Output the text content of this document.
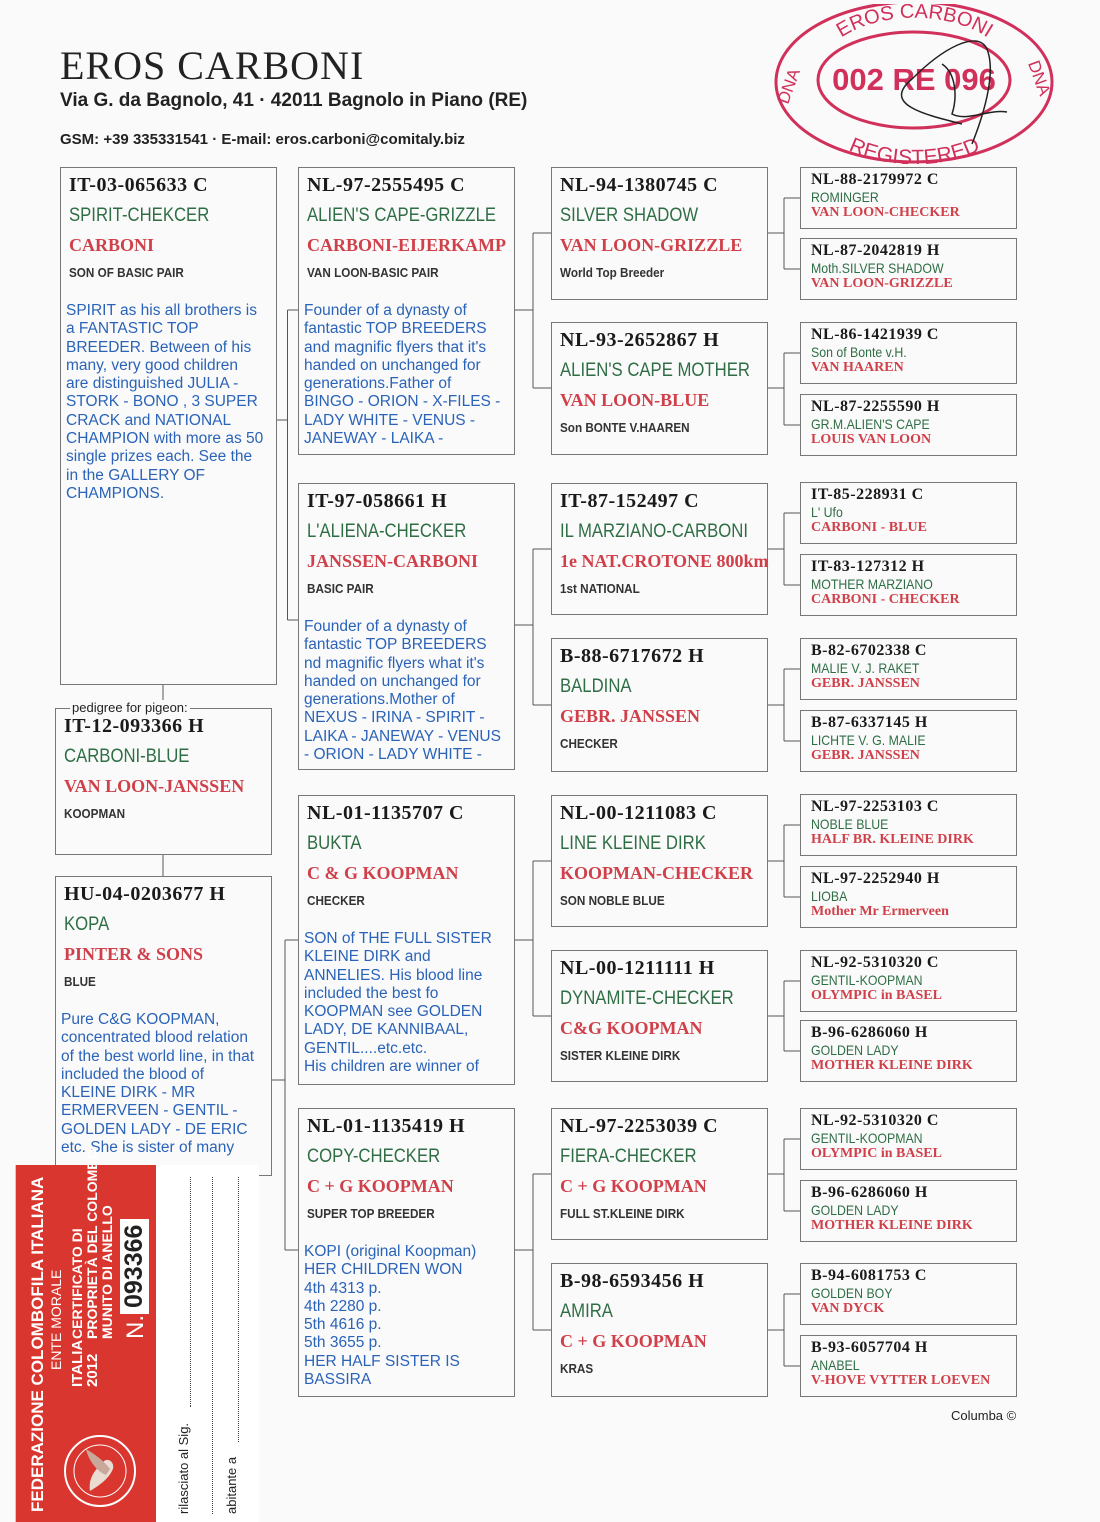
EROS CARBONI
Via G. da Bagnolo, 41 · 42011 Bagnolo in Piano (RE)
GSM: +39 335331541 · E-mail: eros.carboni@comitaly.biz
EROS CARBONI
REGISTERED
002 RE 096
DNA	DNA
IT-12-093366 H
CARBONI-BLUE
VAN LOON-JANSSEN
KOOPMAN
IT-03-065633 C
SPIRIT-CHEKCER
CARBONI
SON OF BASIC PAIR
SPIRIT as his all brothers is
a FANTASTIC TOP
BREEDER. Between of his
many, very good children
are distinguished JULIA -
STORK - BONO , 3 SUPER
CRACK and NATIONAL
CHAMPION with more as 50
single prizes each. See the
in the GALLERY OF
CHAMPIONS.
HU-04-0203677 H
KOPA
PINTER & SONS
BLUE
Pure C&G KOOPMAN,
concentrated blood relation
of the best world line, in that
included the blood of
KLEINE DIRK - MR
ERMERVEEN - GENTIL -
GOLDEN LADY - DE ERIC
etc. She is sister of many
NL-97-2555495 C
ALIEN'S CAPE-GRIZZLE
CARBONI-EIJERKAMP
VAN LOON-BASIC PAIR
Founder of a dynasty of
fantastic TOP BREEDERS
and magnific flyers that it's
handed on unchanged for
generations.Father of
BINGO - ORION - X-FILES -
LADY WHITE - VENUS -
JANEWAY - LAIKA -
IT-97-058661 H
L'ALIENA-CHECKER
JANSSEN-CARBONI
BASIC PAIR
Founder of a dynasty of
fantastic TOP BREEDERS
nd magnific flyers what it's
handed on unchanged for
generations.Mother of
NEXUS - IRINA - SPIRIT -
LAIKA - JANEWAY - VENUS
- ORION - LADY WHITE -
NL-01-1135707 C
BUKTA
C & G KOOPMAN
CHECKER
SON of THE FULL SISTER
KLEINE DIRK and
ANNELIES. His blood line
included the best fo
KOOPMAN see GOLDEN
LADY, DE KANNIBAAL,
GENTIL....etc.etc.
His children are winner of
NL-01-1135419 H
COPY-CHECKER
C + G KOOPMAN
SUPER TOP BREEDER
KOPI (original Koopman)
HER CHILDREN WON
4th 4313 p.
4th 2280 p.
5th 4616 p.
5th 3655 p.
HER HALF SISTER IS
BASSIRA
NL-94-1380745 C
SILVER SHADOW
VAN LOON-GRIZZLE
World Top Breeder
NL-93-2652867 H
ALIEN'S CAPE MOTHER
VAN LOON-BLUE
Son BONTE V.HAAREN
IT-87-152497 C
IL MARZIANO-CARBONI
1e NAT.CROTONE 800km
1st NATIONAL
B-88-6717672 H
BALDINA
GEBR. JANSSEN
CHECKER
NL-00-1211083 C
LINE KLEINE DIRK
KOOPMAN-CHECKER
SON NOBLE BLUE
NL-00-1211111 H
DYNAMITE-CHECKER
C&G KOOPMAN
SISTER KLEINE DIRK
NL-97-2253039 C
FIERA-CHECKER
C + G KOOPMAN
FULL ST.KLEINE DIRK
B-98-6593456 H
AMIRA
C + G KOOPMAN
KRAS
NL-88-2179972 C
ROMINGER
VAN LOON-CHECKER
NL-87-2042819 H
Moth.SILVER SHADOW
VAN LOON-GRIZZLE
NL-86-1421939 C
Son of Bonte v.H.
VAN HAAREN
NL-87-2255590 H
GR.M.ALIEN'S CAPE
LOUIS VAN LOON
IT-85-228931 C
L' Ufo
CARBONI - BLUE
IT-83-127312 H
MOTHER MARZIANO
CARBONI - CHECKER
B-82-6702338 C
MALIE V. J. RAKET
GEBR. JANSSEN
B-87-6337145 H
LICHTE V. G. MALIE
GEBR. JANSSEN
NL-97-2253103 C
NOBLE BLUE
HALF BR. KLEINE DIRK
NL-97-2252940 H
LIOBA
Mother Mr Ermerveen
NL-92-5310320 C
GENTIL-KOOPMAN
OLYMPIC in BASEL
B-96-6286060 H
GOLDEN LADY
MOTHER KLEINE DIRK
NL-92-5310320 C
GENTIL-KOOPMAN
OLYMPIC in BASEL
B-96-6286060 H
GOLDEN LADY
MOTHER KLEINE DIRK
B-94-6081753 C
GOLDEN BOY
VAN DYCK
B-93-6057704 H
ANABEL
V-HOVE VYTTER LOEVEN
pedigree for pigeon:
Columba ©
FEDERAZIONE COLOMBOFILA ITALIANA ENTE MORALE ITALIA
2012
CERTIFICATO DI
PROPRIETÀ DEL COLOMBO
MUNITO DI ANELLO
N.
093366
rilasciato al Sig.	abitante a
